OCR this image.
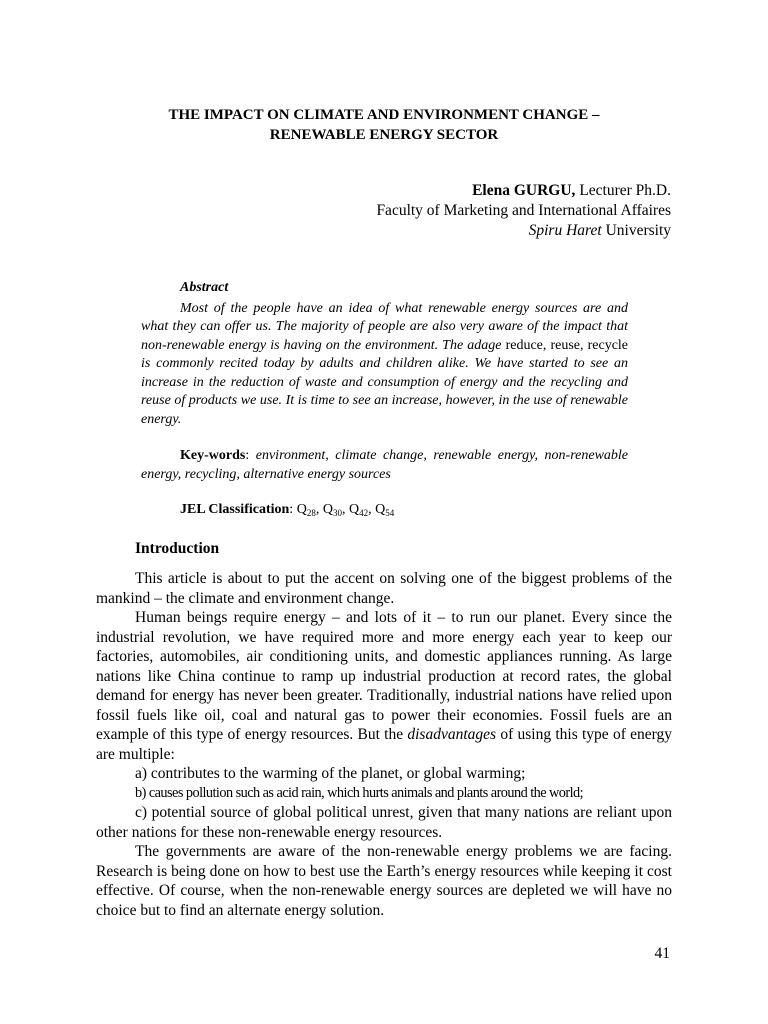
THE IMPACT ON CLIMATE AND ENVIRONMENT CHANGE –
RENEWABLE ENERGY SECTOR
Elena GURGU, Lecturer Ph.D.
Faculty of Marketing and International Affaires
Spiru Haret University
Abstract
Most of the people have an idea of what renewable energy sources are and what they can offer us. The majority of people are also very aware of the impact that non-renewable energy is having on the environment. The adage reduce, reuse, recycle is commonly recited today by adults and children alike. We have started to see an increase in the reduction of waste and consumption of energy and the recycling and reuse of products we use. It is time to see an increase, however, in the use of renewable energy.
Key-words: environment, climate change, renewable energy, non-renewable energy, recycling, alternative energy sources
JEL Classification: $Q_{28}$, $Q_{30}$, $Q_{42}$, $Q_{54}$
Introduction

This article is about to put the accent on solving one of the biggest problems of the mankind – the climate and environment change.

Human beings require energy – and lots of it – to run our planet. Every since the industrial revolution, we have required more and more energy each year to keep our factories, automobiles, air conditioning units, and domestic appliances running. As large nations like China continue to ramp up industrial production at record rates, the global demand for energy has never been greater. Traditionally, industrial nations have relied upon fossil fuels like oil, coal and natural gas to power their economies. Fossil fuels are an example of this type of energy resources. But the disadvantages of using this type of energy are multiple:

a) contributes to the warming of the planet, or global warming;

b) causes pollution such as acid rain, which hurts animals and plants around the world;

c) potential source of global political unrest, given that many nations are reliant upon other nations for these non-renewable energy resources.

The governments are aware of the non-renewable energy problems we are facing. Research is being done on how to best use the Earth’s energy resources while keeping it cost effective. Of course, when the non-renewable energy sources are depleted we will have no choice but to find an alternate energy solution.

41
